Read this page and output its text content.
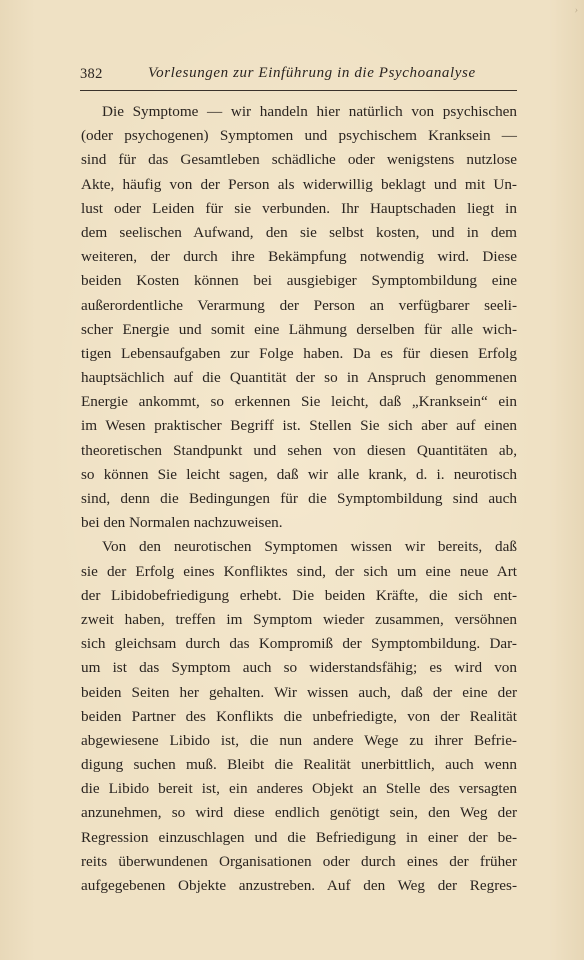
›
382	Vorlesungen zur Einführung in die Psychoanalyse
Die Symptome — wir handeln hier natürlich von psychischen
(oder psychogenen) Symptomen und psychischem Kranksein —
sind für das Gesamtleben schädliche oder wenigstens nutzlose
Akte, häufig von der Person als widerwillig beklagt und mit Un-
lust oder Leiden für sie verbunden. Ihr Hauptschaden liegt in
dem seelischen Aufwand, den sie selbst kosten, und in dem
weiteren, der durch ihre Bekämpfung notwendig wird. Diese
beiden Kosten können bei ausgiebiger Symptombildung eine
außerordentliche Verarmung der Person an verfügbarer seeli-
scher Energie und somit eine Lähmung derselben für alle wich-
tigen Lebensaufgaben zur Folge haben. Da es für diesen Erfolg
hauptsächlich auf die Quantität der so in Anspruch genommenen
Energie ankommt, so erkennen Sie leicht, daß „Kranksein“ ein
im Wesen praktischer Begriff ist. Stellen Sie sich aber auf einen
theoretischen Standpunkt und sehen von diesen Quantitäten ab,
so können Sie leicht sagen, daß wir alle krank, d. i. neurotisch
sind, denn die Bedingungen für die Symptombildung sind auch
bei den Normalen nachzuweisen.
Von den neurotischen Symptomen wissen wir bereits, daß
sie der Erfolg eines Konfliktes sind, der sich um eine neue Art
der Libidobefriedigung erhebt. Die beiden Kräfte, die sich ent-
zweit haben, treffen im Symptom wieder zusammen, versöhnen
sich gleichsam durch das Kompromiß der Symptombildung. Dar-
um ist das Symptom auch so widerstandsfähig; es wird von
beiden Seiten her gehalten. Wir wissen auch, daß der eine der
beiden Partner des Konflikts die unbefriedigte, von der Realität
abgewiesene Libido ist, die nun andere Wege zu ihrer Befrie-
digung suchen muß. Bleibt die Realität unerbittlich, auch wenn
die Libido bereit ist, ein anderes Objekt an Stelle des versagten
anzunehmen, so wird diese endlich genötigt sein, den Weg der
Regression einzuschlagen und die Befriedigung in einer der be-
reits überwundenen Organisationen oder durch eines der früher
aufgegebenen Objekte anzustreben. Auf den Weg der Regres-
